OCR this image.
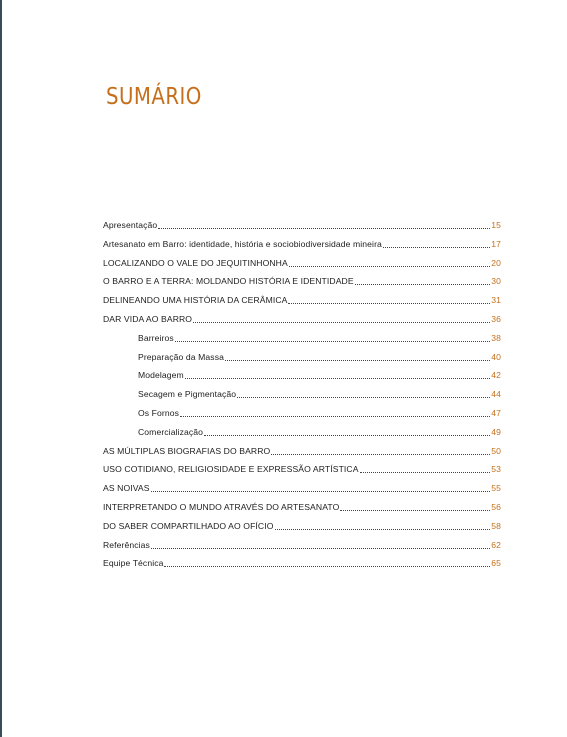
SUMÁRIO
Apresentação	15
Artesanato em Barro: identidade, história e sociobiodiversidade mineira	17
LOCALIZANDO O VALE DO JEQUITINHONHA	20
O BARRO E A TERRA: MOLDANDO HISTÓRIA E IDENTIDADE	30
DELINEANDO UMA HISTÓRIA DA CERÂMICA	31
DAR VIDA AO BARRO	36
Barreiros	38
Preparação da Massa	40
Modelagem	42
Secagem e Pigmentação	44
Os Fornos	47
Comercialização	49
AS MÚLTIPLAS BIOGRAFIAS DO BARRO	50
USO COTIDIANO, RELIGIOSIDADE E EXPRESSÃO ARTÍSTICA	53
AS NOIVAS	55
INTERPRETANDO O MUNDO ATRAVÉS DO ARTESANATO	56
DO SABER COMPARTILHADO AO OFÍCIO	58
Referências	62
Equipe Técnica	65
